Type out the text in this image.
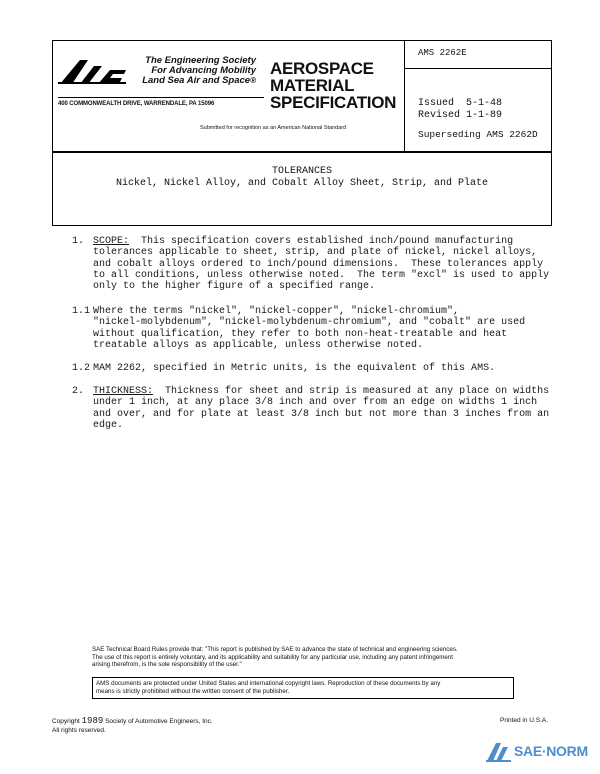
The Engineering Society
For Advancing Mobility
Land Sea Air and Space®
400 COMMONWEALTH DRIVE, WARRENDALE, PA 15096
AEROSPACE
MATERIAL
SPECIFICATION
Submitted for recognition as an American National Standard
AMS 2262E
Issued  5-1-48
Revised 1-1-89
Superseding AMS 2262D
TOLERANCES
Nickel, Nickel Alloy, and Cobalt Alloy Sheet, Strip, and Plate
1. SCOPE:  This specification covers established inch/pound manufacturing
tolerances applicable to sheet, strip, and plate of nickel, nickel alloys,
and cobalt alloys ordered to inch/pound dimensions.  These tolerances apply
to all conditions, unless otherwise noted.  The term "excl" is used to apply
only to the higher figure of a specified range.
1.1 Where the terms "nickel", "nickel-copper", "nickel-chromium",
"nickel-molybdenum", "nickel-molybdenum-chromium", and "cobalt" are used
without qualification, they refer to both non-heat-treatable and heat
treatable alloys as applicable, unless otherwise noted.
1.2 MAM 2262, specified in Metric units, is the equivalent of this AMS.
2. THICKNESS:  Thickness for sheet and strip is measured at any place on widths
under 1 inch, at any place 3/8 inch and over from an edge on widths 1 inch
and over, and for plate at least 3/8 inch but not more than 3 inches from an
edge.
SAE Technical Board Rules provide that: "This report is published by SAE to advance the state of technical and engineering sciences.
The use of this report is entirely voluntary, and its applicability and suitability for any particular use, including any patent infringement
arising therefrom, is the sole responsibility of the user."
AMS documents are protected under United States and international copyright laws. Reproduction of these documents by any
means is strictly prohibited without the written consent of the publisher.
Copyright 1989 Society of Automotive Engineers, Inc.
All rights reserved.
Printed in U.S.A.
SAE·NORM
